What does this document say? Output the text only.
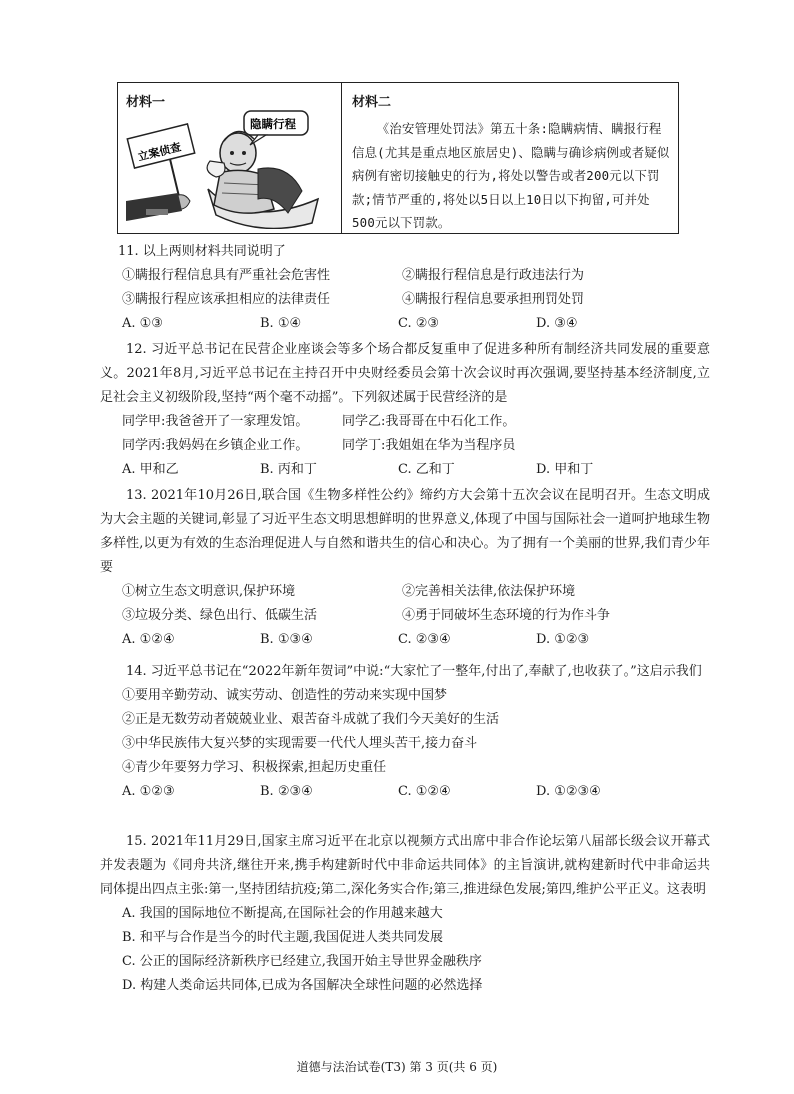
材料一
立案侦查
隐瞒行程
材料二
《治安管理处罚法》第五十条:隐瞒病情、瞒报行程信息(尤其是重点地区旅居史)、隐瞒与确诊病例或者疑似病例有密切接触史的行为,将处以警告或者200元以下罚款;情节严重的,将处以5日以上10日以下拘留,可并处500元以下罚款。
11. 以上两则材料共同说明了
①瞒报行程信息具有严重社会危害性	②瞒报行程信息是行政违法行为
③瞒报行程应该承担相应的法律责任	④瞒报行程信息要承担刑罚处罚
A. ①③	B. ①④	C. ②③	D. ③④
12. 习近平总书记在民营企业座谈会等多个场合都反复重申了促进多种所有制经济共同发展的重要意义。2021年8月,习近平总书记在主持召开中央财经委员会第十次会议时再次强调,要坚持基本经济制度,立足社会主义初级阶段,坚持“两个毫不动摇”。下列叙述属于民营经济的是
同学甲:我爸爸开了一家理发馆。	同学乙:我哥哥在中石化工作。
同学丙:我妈妈在乡镇企业工作。	同学丁:我姐姐在华为当程序员
A. 甲和乙	B. 丙和丁	C. 乙和丁	D. 甲和丁
13. 2021年10月26日,联合国《生物多样性公约》缔约方大会第十五次会议在昆明召开。生态文明成为大会主题的关键词,彰显了习近平生态文明思想鲜明的世界意义,体现了中国与国际社会一道呵护地球生物多样性,以更为有效的生态治理促进人与自然和谐共生的信心和决心。为了拥有一个美丽的世界,我们青少年要
①树立生态文明意识,保护环境	②完善相关法律,依法保护环境
③垃圾分类、绿色出行、低碳生活	④勇于同破坏生态环境的行为作斗争
A. ①②④	B. ①③④	C. ②③④	D. ①②③
14. 习近平总书记在“2022年新年贺词”中说:“大家忙了一整年,付出了,奉献了,也收获了。”这启示我们
①要用辛勤劳动、诚实劳动、创造性的劳动来实现中国梦
②正是无数劳动者兢兢业业、艰苦奋斗成就了我们今天美好的生活
③中华民族伟大复兴梦的实现需要一代代人埋头苦干,接力奋斗
④青少年要努力学习、积极探索,担起历史重任
A. ①②③	B. ②③④	C. ①②④	D. ①②③④
15. 2021年11月29日,国家主席习近平在北京以视频方式出席中非合作论坛第八届部长级会议开幕式并发表题为《同舟共济,继往开来,携手构建新时代中非命运共同体》的主旨演讲,就构建新时代中非命运共同体提出四点主张:第一,坚持团结抗疫;第二,深化务实合作;第三,推进绿色发展;第四,维护公平正义。这表明
A. 我国的国际地位不断提高,在国际社会的作用越来越大
B. 和平与合作是当今的时代主题,我国促进人类共同发展
C. 公正的国际经济新秩序已经建立,我国开始主导世界金融秩序
D. 构建人类命运共同体,已成为各国解决全球性问题的必然选择
道德与法治试卷(T3) 第 3 页(共 6 页)
